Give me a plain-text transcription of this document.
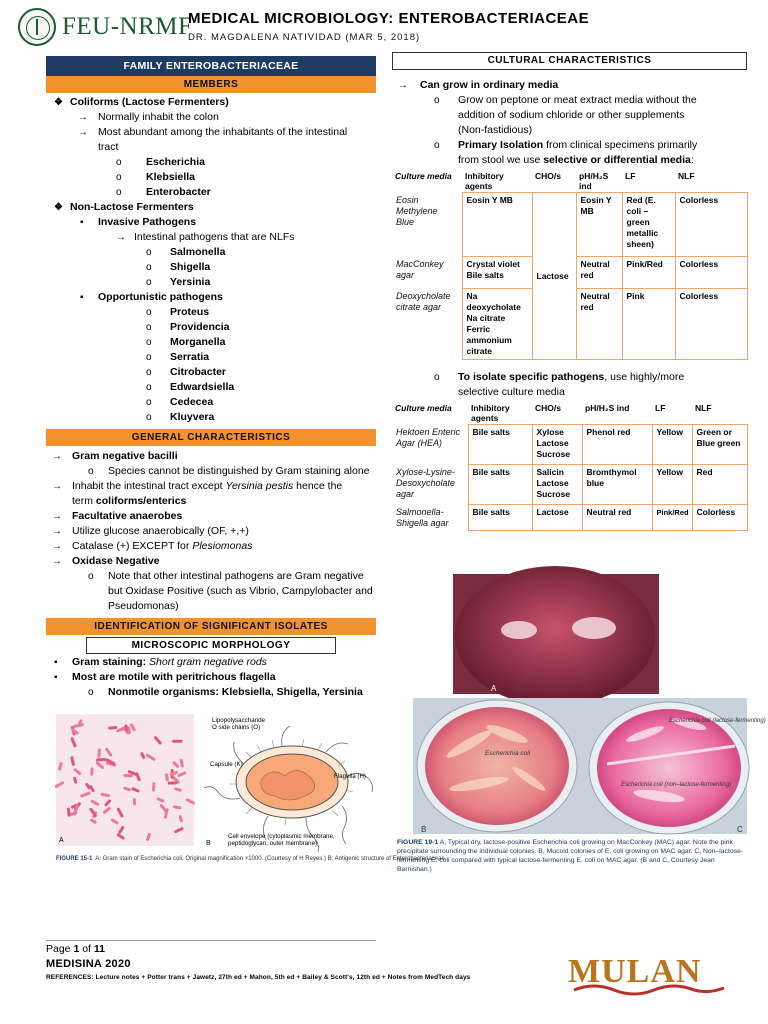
FEU-NRMF
MEDICAL MICROBIOLOGY: ENTEROBACTERIACEAE
DR. MAGDALENA NATIVIDAD (MAR 5, 2018)
FAMILY ENTEROBACTERIACEAE
MEMBERS
❖ Coliforms (Lactose Fermenters)
→ Normally inhabit the colon
→ Most abundant among the inhabitants of the intestinal
tract
o Escherichia
o Klebsiella
o Enterobacter
❖ Non-Lactose Fermenters
▪ Invasive Pathogens
→ Intestinal pathogens that are NLFs
o Salmonella
o Shigella
o Yersinia
▪ Opportunistic pathogens
o Proteus
o Providencia
o Morganella
o Serratia
o Citrobacter
o Edwardsiella
o Cedecea
o Kluyvera
GENERAL CHARACTERISTICS
→ Gram negative bacilli
o Species cannot be distinguished by Gram staining alone
→ Inhabit the intestinal tract except Yersinia pestis hence the
term coliforms/enterics
→ Facultative anaerobes
→ Utilize glucose anaerobically (OF, +,+)
→ Catalase (+) EXCEPT for Plesiomonas
→ Oxidase Negative
o Note that other intestinal pathogens are Gram negative
but Oxidase Positive (such as Vibrio, Campylobacter and
Pseudomonas)
IDENTIFICATION OF SIGNIFICANT ISOLATES
MICROSCOPIC MORPHOLOGY
▪ Gram staining: Short gram negative rods
▪ Most are motile with peritrichous flagella
o Nonmotile organisms: Klebsiella, Shigella, Yersinia
A
Lipopolysaccharide
O side chains (O)
Capsule (K)
Flagella (H)
Cell envelope (cytoplasmic membrane,
peptidoglycan, outer membrane)
B
FIGURE 15-1 A: Gram stain of Escherichia coli. Original magnification ×1000. (Courtesy of H Reyes.) B: Antigenic structure of Enterobacteriaceae.
CULTURAL CHARACTERISTICS
→ Can grow in ordinary media
o Grow on peptone or meat extract media without the
addition of sodium chloride or other supplements
(Non-fastidious)
o Primary Isolation from clinical specimens primarily
from stool we use selective or differential media:
Culture media	Inhibitory agents	CHO/s	pH/H₂S ind	LF	NLF
Eosin Methylene Blue	Eosin Y MB	Lactose	Eosin Y MB	Red (E. coli – green metallic sheen)	Colorless
MacConkey agar	Crystal violet Bile salts		Neutral red	Pink/Red	Colorless
Deoxycholate citrate agar	Na deoxycholate Na citrate Ferric ammonium citrate		Neutral red	Pink	Colorless
o To isolate specific pathogens, use highly/more
selective culture media
Culture media	Inhibitory agents	CHO/s	pH/H₂S ind	LF	NLF
Hektoen Enteric Agar (HEA)	Bile salts	Xylose Lactose Sucrose	Phenol red	Yellow	Green or Blue green
Xylose-Lysine-Desoxycholate agar	Bile salts	Salicin Lactose Sucrose	Bromthymol blue	Yellow	Red
Salmonella-Shigella agar	Bile salts	Lactose	Neutral red	Pink/Red	Colorless
A
Escherichia coli
B
Escherichia coli (lactose-fermenting)
Escherichia coli (non–lactose-fermenting)
C
FIGURE 19-1 A, Typical dry, lactose-positive Escherichia coli growing on MacConkey (MAC) agar. Note the pink precipitate surrounding the individual colonies. B, Mucoid colonies of E. coli growing on MAC agar. C, Non–lactose-fermenting E. coli compared with typical lactose-fermenting E. coli on MAC agar. (B and C, Courtesy Jean Barnishan.)
Page 1 of 11
MEDISINA 2020
REFERENCES: Lecture notes + Potter trans + Jawetz, 27th ed + Mahon, 5th ed + Bailey & Scott's, 12th ed + Notes from MedTech days	MULAN
